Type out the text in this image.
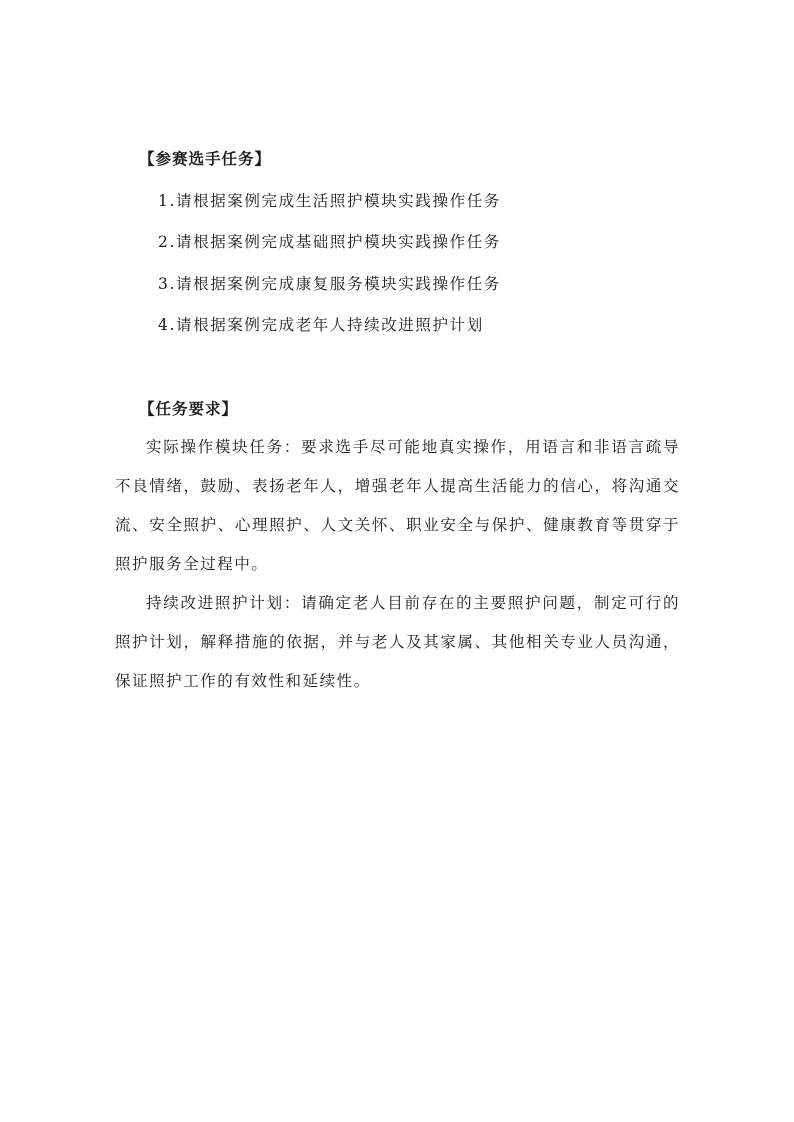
【参赛选手任务】
1.请根据案例完成生活照护模块实践操作任务
2.请根据案例完成基础照护模块实践操作任务
3.请根据案例完成康复服务模块实践操作任务
4.请根据案例完成老年人持续改进照护计划
【任务要求】

实际操作模块任务：要求选手尽可能地真实操作，用语言和非语言疏导不良情绪，鼓励、表扬老年人，增强老年人提高生活能力的信心，将沟通交流、安全照护、心理照护、人文关怀、职业安全与保护、健康教育等贯穿于照护服务全过程中。

持续改进照护计划：请确定老人目前存在的主要照护问题，制定可行的照护计划，解释措施的依据，并与老人及其家属、其他相关专业人员沟通，保证照护工作的有效性和延续性。
